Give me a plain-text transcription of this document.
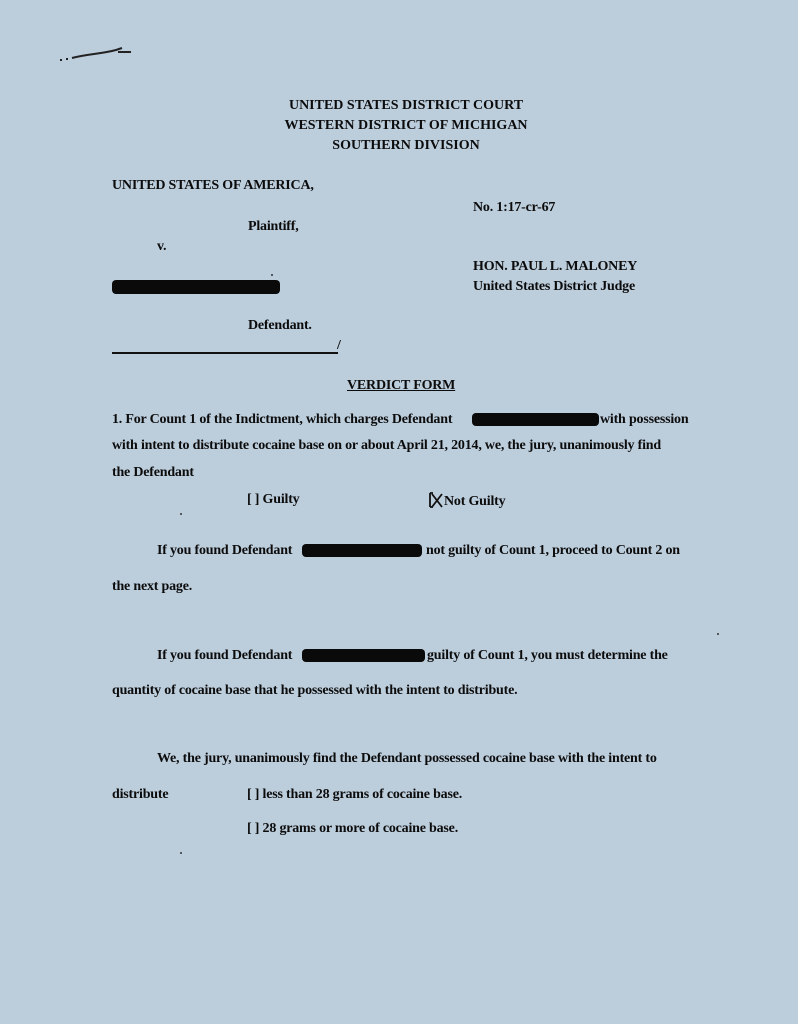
UNITED STATES DISTRICT COURT
WESTERN DISTRICT OF MICHIGAN
SOUTHERN DIVISION
UNITED STATES OF AMERICA,
Plaintiff,
v.
Defendant.
/
No. 1:17-cr-67
HON. PAUL L. MALONEY
United States District Judge
VERDICT FORM
1. For Count 1 of the Indictment, which charges Defendant	with possession
with intent to distribute cocaine base on or about April 21, 2014, we, the jury, unanimously find
the Defendant
[ ] Guilty	Not Guilty
If you found Defendant	not guilty of Count 1, proceed to Count 2 on
the next page.
If you found Defendant	guilty of Count 1, you must determine the
quantity of cocaine base that he possessed with the intent to distribute.
We, the jury, unanimously find the Defendant possessed cocaine base with the intent to
distribute	[ ] less than 28 grams of cocaine base.
[ ] 28 grams or more of cocaine base.
